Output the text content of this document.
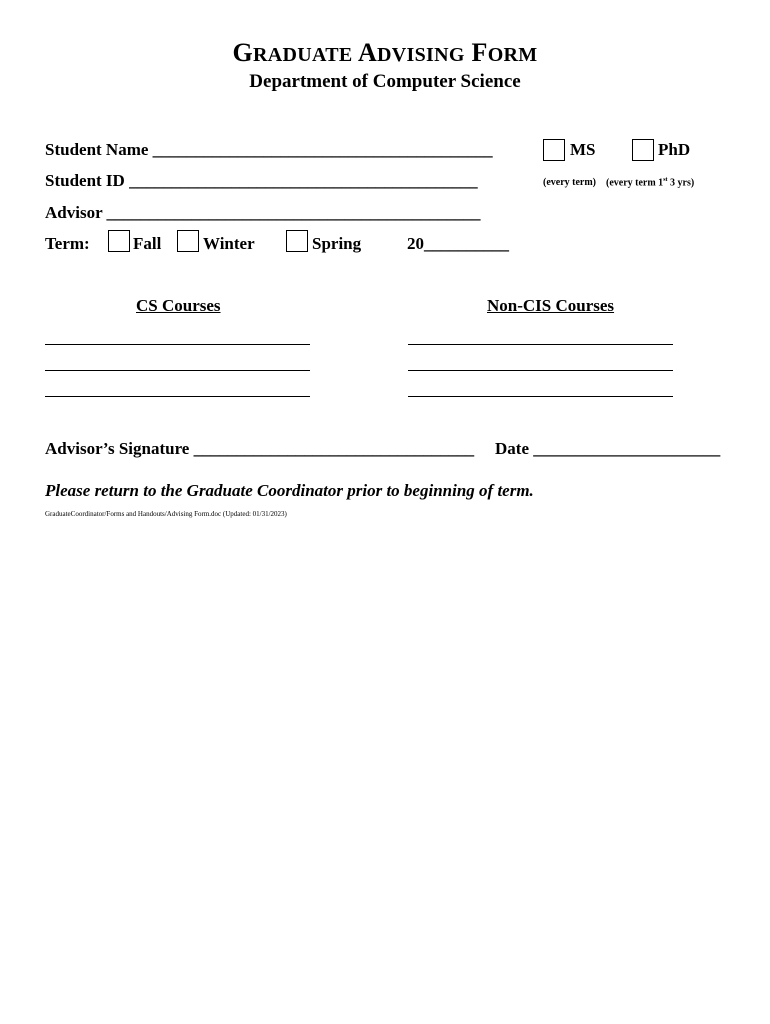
GRADUATE ADVISING FORM
Department of Computer Science
Student Name ________________________________________
Student ID _________________________________________
Advisor ____________________________________________
MS	PhD
(every term) (every term 1st 3 yrs)
Term:	Fall Winter	Spring	20__________
CS Courses	Non-CIS Courses
Advisor’s Signature _________________________________ Date ______________________
Please return to the Graduate Coordinator prior to beginning of term.
GraduateCoordinator/Forms and Handouts/Advising Form.doc (Updated: 01/31/2023)
